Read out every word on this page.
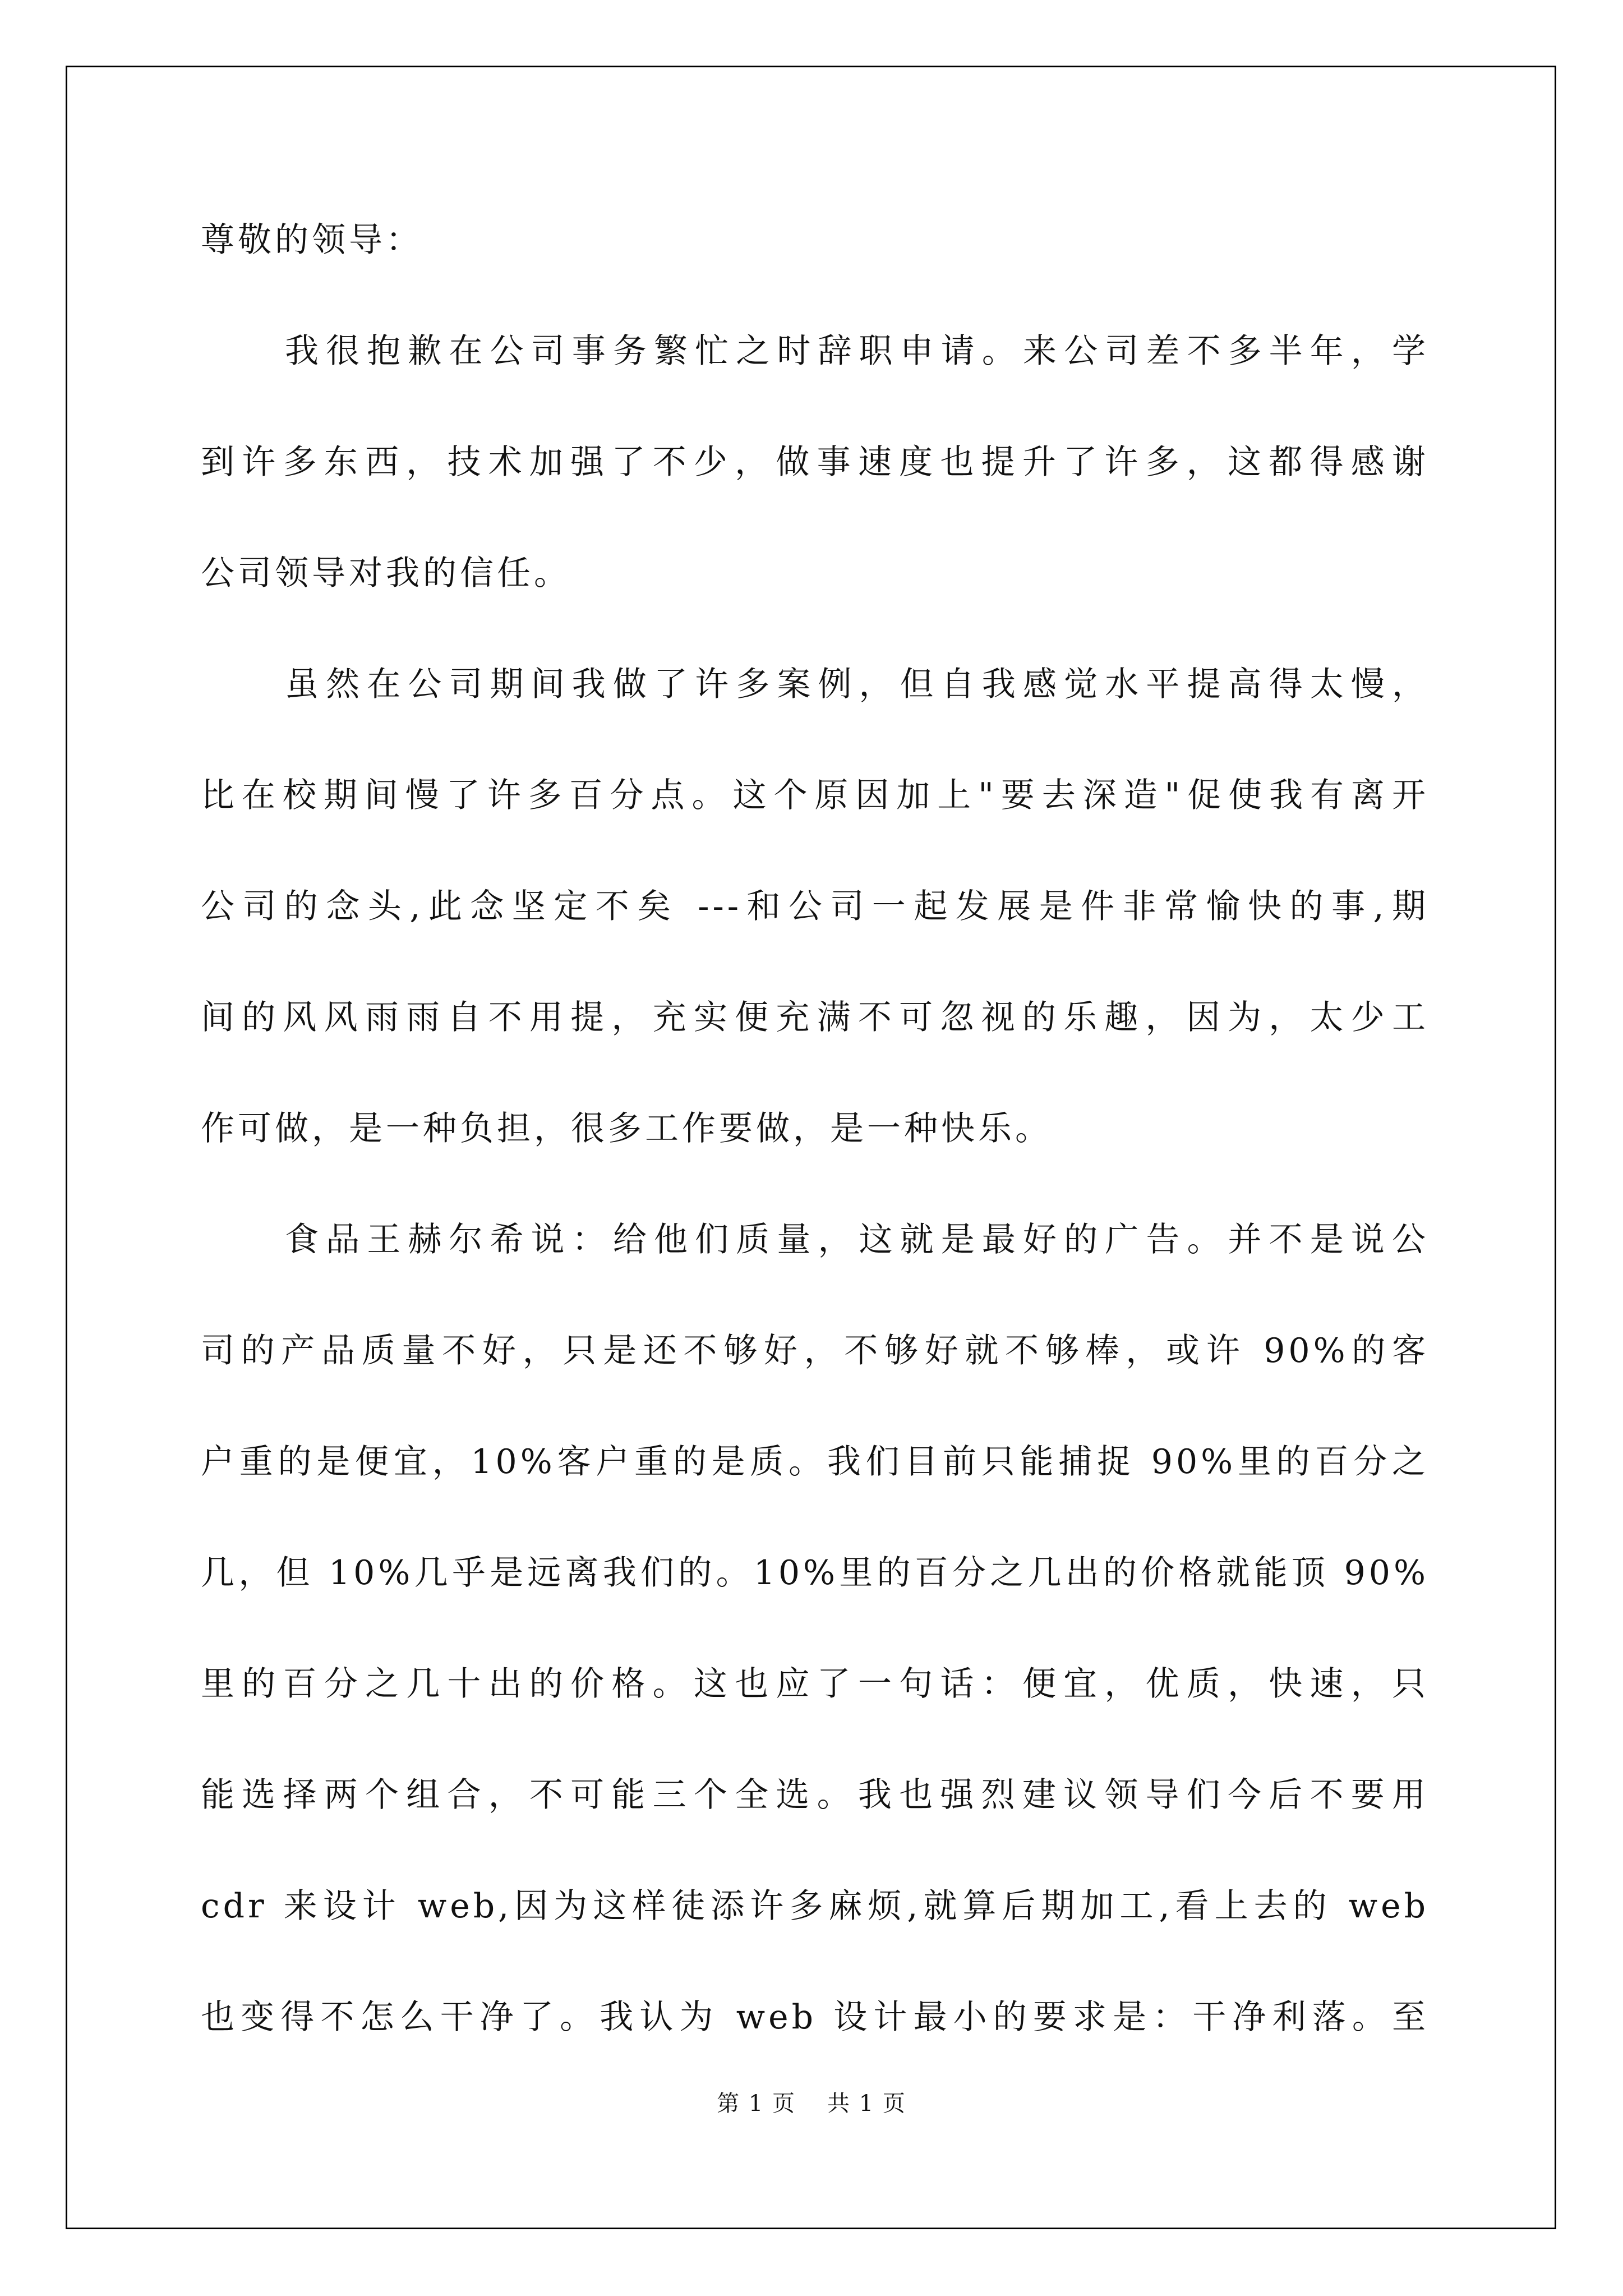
尊敬的领导：
我很抱歉在公司事务繁忙之时辞职申请。来公司差不多半年，学
到许多东西，技术加强了不少，做事速度也提升了许多，这都得感谢
公司领导对我的信任。
虽然在公司期间我做了许多案例，但自我感觉水平提高得太慢，
比在校期间慢了许多百分点。这个原因加上"要去深造"促使我有离开
公司的念头,此念坚定不矣 ---和公司一起发展是件非常愉快的事,期
间的风风雨雨自不用提，充实便充满不可忽视的乐趣，因为，太少工
作可做，是一种负担，很多工作要做，是一种快乐。
食品王赫尔希说：给他们质量，这就是最好的广告。并不是说公
司的产品质量不好，只是还不够好，不够好就不够棒，或许 90%的客
户重的是便宜，10%客户重的是质。我们目前只能捕捉 90%里的百分之
几，但 10%几乎是远离我们的。10%里的百分之几出的价格就能顶 90%
里的百分之几十出的价格。这也应了一句话：便宜，优质，快速，只
能选择两个组合，不可能三个全选。我也强烈建议领导们今后不要用
cdr 来设计 web,因为这样徒添许多麻烦,就算后期加工,看上去的 web
也变得不怎么干净了。我认为 web 设计最小的要求是：干净利落。至
第 1 页 共 1 页
